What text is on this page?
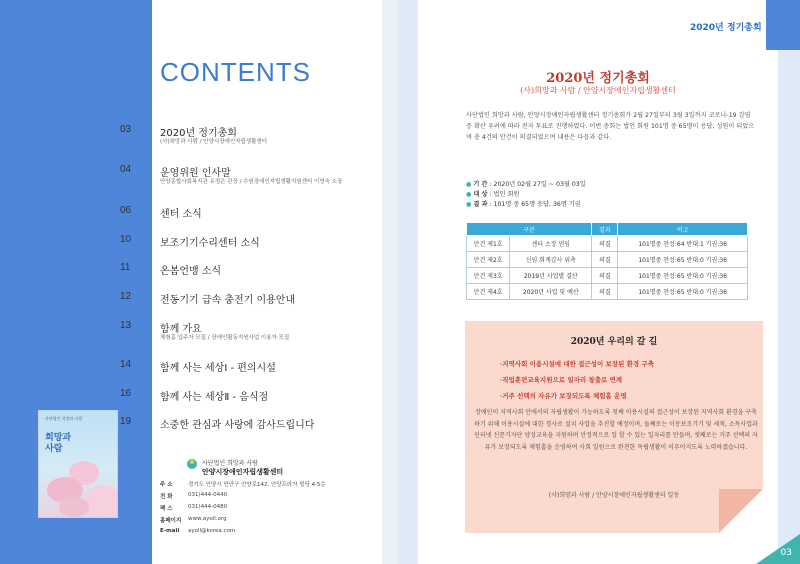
2020년 정기총회
03
CONTENTS
03	2020년 정기총회
(사)희망과 사람 / 안양시장애인자립생활센터
04	운영위원 인사말
안양종합사회복지관 유정은 관장 / 수원장애인자립생활지원센터 이영숙 소장
06	센터 소식
10	보조기기수리센터 소식
11	온봄언맹 소식
12	전동기기 급속 충전기 이용안내
13	함께 가요
체험홈 입주자 모집 / 장애인활동지원사업 이용자 모집
14	함께 사는 세상Ⅰ - 편의시설
16	함께 사는 세상Ⅱ - 음식점
19	소중한 관심과 사랑에 감사드립니다
사단법인 희망과 사람
희망과
사람
사단법인 희망과 사람
안양시장애인자립생활센터
주 소	경기도 안양시 만안구 안양로142, 안양프라자 빌딩 4·5층
전 화	031)444-0440
팩 스	031)444-0480
홈페이지	www.ayoil.org
E-mail	ayoil@korea.com
2020년 정기총회
(사)희망과 사람 / 안양시장애인자립생활센터
사단법인 희망과 사람, 안양시장애인자립생활센터 정기총회가 2월 27일부터 3월 3일까지 코로나-19 감염증 확산 우려에 따라 전자 투표로 진행하였다. 이번 총회는 법인 회원 101명 중 65명이 응답, 성원이 되었으며 총 4건의 안건이 의결되었으며 내용은 다음과 같다.
● 기 간 : 2020년 02월 27일 ~ 03월 03일
● 대 상 : 법인 회원
● 결 과 : 101명 중 65명 응답, 36명 기권
구분		결과	비고
안건 제1호	센터 소장 연임	의결	101명중 찬성:64 반대:1 기권:36
안건 제2호	신임 회계감사 위촉	의결	101명중 찬성:65 반대:0 기권:36
안건 제3호	2019년 사업별 결산	의결	101명중 찬성:65 반대:0 기권:36
안건 제4호	2020년 사업 및 예산	의결	101명중 찬성:65 반대:0 기권:36
2020년 우리의 갈 길
·지역사회 이용시설에 대한 접근성이 보장된 환경 구축
·직업훈련교육지원으로 일자리 창출로 연계
·거주 선택의 자유가 보장되도록 체험홈 운영
장애인이 지역사회 안에서의 자립생활이 가능하도록 첫째 이용시설의 접근성이 보장된 지역사회 환경을 구축하기 위해 이용시설에 대한 경사로 설치 사업을 추진할 예정이며, 둘째로는 이동보조기기 및 세척, 소독사업과 인터넷 신문기자단 양성교육을 지원하며 안정적으로 일 할 수 있는 일자리를 만들며, 셋째로는 거주 선택의 자유가 보장되도록 체험홈을 운영하여 사회 일원으로 완전한 독립생활이 이루어지도록 노력하겠습니다.
(사)희망과 사람 / 안양시장애인자립생활센터 일동
